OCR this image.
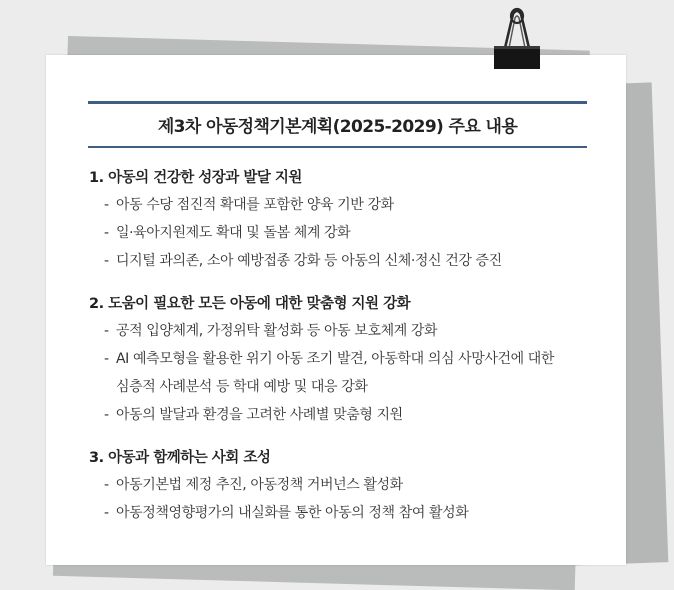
제3차 아동정책기본계획(2025-2029) 주요 내용
1. 아동의 건강한 성장과 발달 지원
- 아동 수당 점진적 확대를 포함한 양육 기반 강화
- 일·육아지원제도 확대 및 돌봄 체계 강화
- 디지털 과의존, 소아 예방접종 강화 등 아동의 신체·정신 건강 증진
2. 도움이 필요한 모든 아동에 대한 맞춤형 지원 강화
- 공적 입양체계, 가정위탁 활성화 등 아동 보호체계 강화
- AI 예측모형을 활용한 위기 아동 조기 발견, 아동학대 의심 사망사건에 대한
심층적 사례분석 등 학대 예방 및 대응 강화
- 아동의 발달과 환경을 고려한 사례별 맞춤형 지원
3. 아동과 함께하는 사회 조성
- 아동기본법 제정 추진, 아동정책 거버넌스 활성화
- 아동정책영향평가의 내실화를 통한 아동의 정책 참여 활성화
